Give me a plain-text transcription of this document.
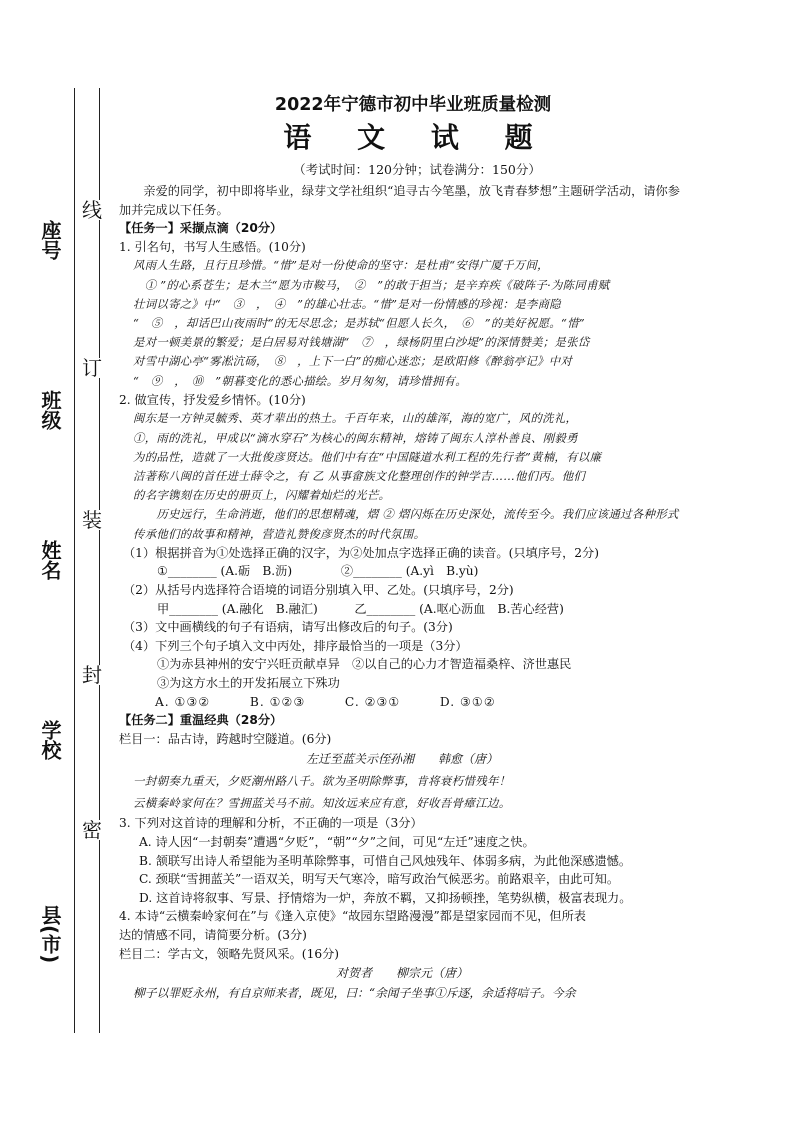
座号
班级
姓名
学校
县(市)
线
订
装
封
密
2022年宁德市初中毕业班质量检测
语 文 试 题
（考试时间：120分钟；试卷满分：150分）

亲爱的同学，初中即将毕业，绿芽文学社组织“追寻古今笔墨，放飞青春梦想”主题研学活动，请你参加并完成以下任务。

【任务一】采撷点滴（20分）

1. 引名句，书写人生感悟。(10分)

风雨人生路，且行且珍惜。“惜”是对一份使命的坚守：是杜甫“安得广厦千万间，

　① ”的心系苍生；是木兰“愿为市鞍马，　②　”的敢于担当；是辛弃疾《破阵子·为陈同甫赋

壮词以寄之》中“　③　，　④　”的雄心壮志。“惜”是对一份情感的珍视：是李商隐

“　⑤　，却话巴山夜雨时”的无尽思念；是苏轼“但愿人长久，　⑥　”的美好祝愿。“惜”

是对一顿美景的繁爱；是白居易对钱塘湖“　⑦　，绿杨阴里白沙堤”的深情赞美；是张岱

对雪中湖心亭“雾凇沆砀，　⑧　，上下一白”的痴心迷恋；是欧阳修《醉翁亭记》中对

“　⑨　，　⑩　”朝暮变化的悉心描绘。岁月匆匆，请珍惜拥有。

2. 做宣传，抒发爱乡情怀。(10分)

闽东是一方钟灵毓秀、英才辈出的热土。千百年来，山的雄浑，海的宽广，风的洗礼，

①，雨的洗礼，甲成以“滴水穿石”为核心的闽东精神，熔铸了闽东人淳朴善良、刚毅勇

为的品性，造就了一大批俊彦贤达。他们中有在“中国隧道水利工程的先行者”黄楠，有以廉

洁著称八闽的首任进士薛令之，有 乙 从事畲族文化整理创作的钟学吉……他们丙。他们

的名字镌刻在历史的册页上，闪耀着灿烂的光芒。

　　历史远行，生命消逝，他们的思想精魂，熠 ② 熠闪烁在历史深处，流传至今。我们应该通过各种形式传承他们的故事和精神，营造礼赞俊彦贤杰的时代氛围。

（1）根据拼音为①处选择正确的汉字，为②处加点字选择正确的读音。(只填序号，2分)

①________ (A.砺　B.沥)　　　　②________ (A.yì　B.yù)

（2）从括号内选择符合语境的词语分别填入甲、乙处。(只填序号，2分)

甲________ (A.融化　B.融汇)　　　乙________ (A.呕心沥血　B.苦心经营)

（3）文中画横线的句子有语病，请写出修改后的句子。(3分)

（4）下列三个句子填入文中丙处，排序最恰当的一项是（3分）

①为赤县神州的安宁兴旺贡献卓异　②以自己的心力才智造福桑梓、济世惠民

③为这方水土的开发拓展立下殊功

A. ①③②　　　B. ①②③　　　C. ②③①　　　D. ③①②

【任务二】重温经典（28分）

栏目一：品古诗，跨越时空隧道。(6分)

左迁至蓝关示侄孙湘　　韩愈（唐）

一封朝奏九重天，夕贬潮州路八千。欲为圣明除弊事，肯将衰朽惜残年！

云横秦岭家何在？雪拥蓝关马不前。知汝远来应有意，好收吾骨瘴江边。

3. 下列对这首诗的理解和分析，不正确的一项是（3分）

A. 诗人因“一封朝奏”遭遇“夕贬”，“朝”“夕”之间，可见“左迁”速度之快。

B. 颔联写出诗人希望能为圣明革除弊事，可惜自己风烛残年、体弱多病，为此他深感遗憾。

C. 颈联“雪拥蓝关”一语双关，明写天气寒冷，暗写政治气候恶劣。前路艰辛，由此可知。

D. 这首诗将叙事、写景、抒情熔为一炉，奔放不羁，又抑扬顿挫，笔势纵横，极富表现力。

4. 本诗“云横秦岭家何在”与《逢入京使》“故园东望路漫漫”都是望家园而不见，但所表

达的情感不同，请简要分析。(3分)

栏目二：学古文，领略先贤风采。(16分)

对贺者　　柳宗元（唐）

柳子以罪贬永州，有自京师来者，既见，曰：“余闻子坐事①斥逐，余适将唁子。今余
